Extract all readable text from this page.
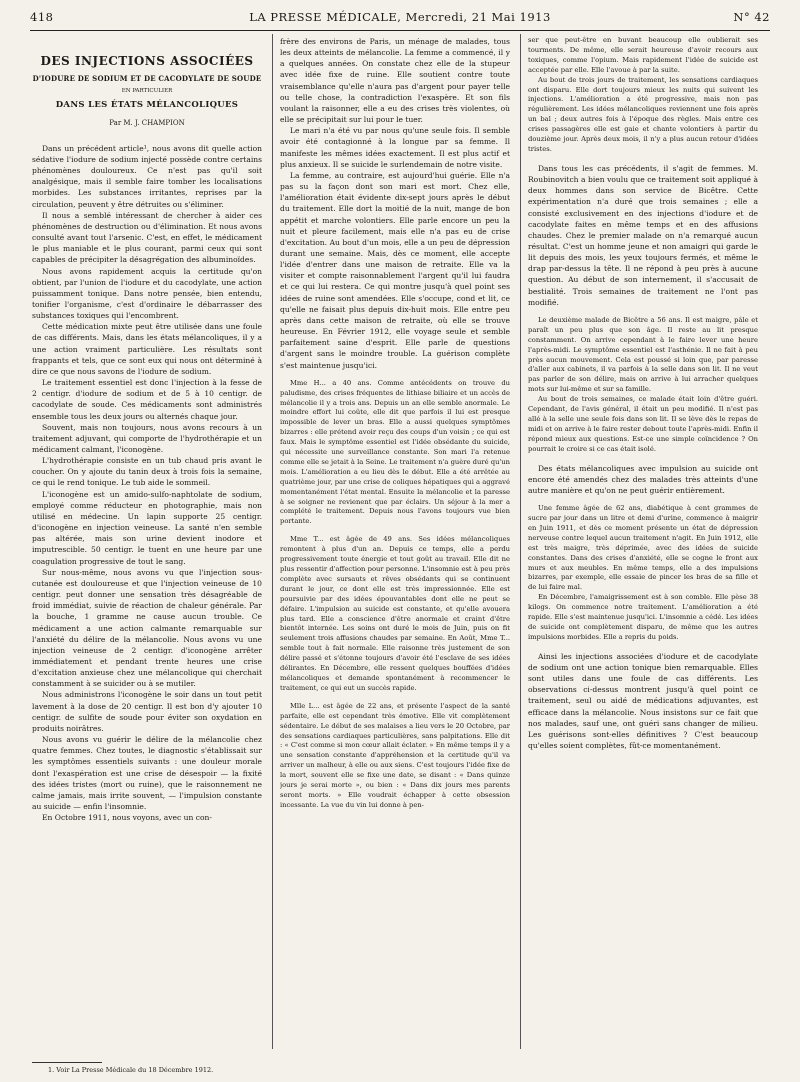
418	LA PRESSE MÉDICALE, Mercredi, 21 Mai 1913	N° 42
DES INJECTIONS ASSOCIÉES
D'IODURE DE SODIUM ET DE CACODYLATE DE SOUDE
EN PARTICULIER
DANS LES ÉTATS MÉLANCOLIQUES
Par M. J. CHAMPION

Dans un précédent article¹, nous avons dit quelle action sédative l'iodure de sodium injecté possède contre certains phénomènes douloureux. Ce n'est pas qu'il soit analgésique, mais il semble faire tomber les localisations morbides. Les substances irritantes, reprises par la circulation, peuvent y être détruites ou s'éliminer.

Il nous a semblé intéressant de chercher à aider ces phénomènes de destruction ou d'élimination. Et nous avons consulté avant tout l'arsenic. C'est, en effet, le médicament le plus maniable et le plus courant, parmi ceux qui sont capables de précipiter la désagrégation des albuminoïdes.

Nous avons rapidement acquis la certitude qu'on obtient, par l'union de l'iodure et du cacodylate, une action puissamment tonique. Dans notre pensée, bien entendu, tonifier l'organisme, c'est d'ordinaire le débarrasser des substances toxiques qui l'encombrent.

Cette médication mixte peut être utilisée dans une foule de cas différents. Mais, dans les états mélancoliques, il y a une action vraiment particulière. Les résultats sont frappants et tels, que ce sont eux qui nous ont déterminé à dire ce que nous savons de l'iodure de sodium.

Le traitement essentiel est donc l'injection à la fesse de 2 centigr. d'iodure de sodium et de 5 à 10 centigr. de cacodylate de soude. Ces médicaments sont administrés ensemble tous les deux jours ou alternés chaque jour.

Souvent, mais non toujours, nous avons recours à un traitement adjuvant, qui comporte de l'hydrothérapie et un médicament calmant, l'iconogène.

L'hydrothérapie consiste en un tub chaud pris avant le coucher. On y ajoute du tanin deux à trois fois la semaine, ce qui le rend tonique. Le tub aide le sommeil.

L'iconogène est un amido-sulfo-naphtolate de sodium, employé comme réducteur en photographie, mais non utilisé en médecine. Un lapin supporte 25 centigr. d'iconogène en injection veineuse. La santé n'en semble pas altérée, mais son urine devient inodore et imputrescible. 50 centigr. le tuent en une heure par une coagulation progressive de tout le sang.

Sur nous-même, nous avons vu que l'injection sous-cutanée est douloureuse et que l'injection veineuse de 10 centigr. peut donner une sensation très désagréable de froid immédiat, suivie de réaction de chaleur générale. Par la bouche, 1 gramme ne cause aucun trouble. Ce médicament a une action calmante remarquable sur l'anxiété du délire de la mélancolie. Nous avons vu une injection veineuse de 2 centigr. d'iconogène arrêter immédiatement et pendant trente heures une crise d'excitation anxieuse chez une mélancolique qui cherchait constamment à se suicider ou à se mutiler.

Nous administrons l'iconogène le soir dans un tout petit lavement à la dose de 20 centigr. Il est bon d'y ajouter 10 centigr. de sulfite de soude pour éviter son oxydation en produits noirâtres.

Nous avons vu guérir le délire de la mélancolie chez quatre femmes. Chez toutes, le diagnostic s'établissait sur les symptômes essentiels suivants : une douleur morale dont l'exaspération est une crise de désespoir — la fixité des idées tristes (mort ou ruine), que le raisonnement ne calme jamais, mais irrite souvent, — l'impulsion constante au suicide — enfin l'insomnie.

En Octobre 1911, nous voyons, avec un con-

frère des environs de Paris, un ménage de malades, tous les deux atteints de mélancolie. La femme a commencé, il y a quelques années. On constate chez elle de la stupeur avec idée fixe de ruine. Elle soutient contre toute vraisemblance qu'elle n'aura pas d'argent pour payer telle ou telle chose, la contradiction l'exaspère. Et son fils voulant la raisonner, elle a eu des crises très violentes, où elle se précipitait sur lui pour le tuer.

Le mari n'a été vu par nous qu'une seule fois. Il semble avoir été contagionné à la longue par sa femme. Il manifeste les mêmes idées exactement. Il est plus actif et plus anxieux. Il se suicide le surlendemain de notre visite.

La femme, au contraire, est aujourd'hui guérie. Elle n'a pas su la façon dont son mari est mort. Chez elle, l'amélioration était évidente dix-sept jours après le début du traitement. Elle dort la moitié de la nuit, mange de bon appétit et marche volontiers. Elle parle encore un peu la nuit et pleure facilement, mais elle n'a pas eu de crise d'excitation. Au bout d'un mois, elle a un peu de dépression durant une semaine. Mais, dès ce moment, elle accepte l'idée d'entrer dans une maison de retraite. Elle va la visiter et compte raisonnablement l'argent qu'il lui faudra et ce qui lui restera. Ce qui montre jusqu'à quel point ses idées de ruine sont amendées. Elle s'occupe, cond et lit, ce qu'elle ne faisait plus depuis dix-huit mois. Elle entre peu après dans cette maison de retraite, où elle se trouve heureuse. En Février 1912, elle voyage seule et semble parfaitement saine d'esprit. Elle parle de questions d'argent sans le moindre trouble. La guérison complète s'est maintenue jusqu'ici.

Mme H... a 40 ans. Comme antécédents on trouve du paludisme, des crises fréquentes de lithiase biliaire et un accès de mélancolie il y a trois ans. Depuis un an elle semble anormale. Le moindre effort lui coûte, elle dit que parfois il lui est presque impossible de lever un bras. Elle a aussi quelques symptômes bizarres : elle prétend avoir reçu des coups d'un voisin ; ce qui est faux. Mais le symptôme essentiel est l'idée obsédante du suicide, qui nécessite une surveillance constante. Son mari l'a retenue comme elle se jetait à la Seine. Le traitement n'a guère duré qu'un mois. L'amélioration a eu lieu dès le début. Elle a été arrêtée au quatrième jour, par une crise de coliques hépatiques qui a aggravé momentanément l'état mental. Ensuite la mélancolie et la paresse à se soigner ne revienent que par éclairs. Un séjour à la mer a complété le traitement. Depuis nous l'avons toujours vue bien portante.

Mme T... est âgée de 49 ans. Ses idées mélancoliques remontent à plus d'un an. Depuis ce temps, elle a perdu progressivement toute énergie et tout goût au travail. Elle dit ne plus ressentir d'affection pour personne. L'insomnie est à peu près complète avec sursauts et rêves obsédants qui se continuent durant le jour, ce dont elle est très impressionnée. Elle est poursuivie par des idées épouvantables dont elle ne peut se défaire. L'impulsion au suicide est constante, et qu'elle avouera plus tard. Elle a conscience d'être anormale et craint d'être bientôt internée. Les soins ont duré le mois de Juin, puis on fit seulement trois affusions chaudes par semaine. En Août, Mme T... semble tout à fait normale. Elle raisonne très justement de son délire passé et s'étonne toujours d'avoir été l'esclave de ses idées délirantes. En Décembre, elle ressent quelques bouffées d'idées mélancoliques et demande spontanément à recommencer le traitement, ce qui eut un succès rapide.

Mlle L... est âgée de 22 ans, et présente l'aspect de la santé parfaite, elle est cependant très émotive. Elle vit complètement sédentaire. Le début de ses malaises a lieu vers le 20 Octobre, par des sensations cardiaques particulières, sans palpitations. Elle dit : « C'est comme si mon cœur allait éclater. » En même temps il y a une sensation constante d'appréhension et la certitude qu'il va arriver un malheur, à elle ou aux siens. C'est toujours l'idée fixe de la mort, souvent elle se fixe une date, se disant : « Dans quinze jours je serai morte », ou bien : « Dans dix jours mes parents seront morts. » Elle voudrait échapper à cette obsession incessante. La vue du vin lui donne à pen-

ser que peut-être en buvant beaucoup elle oublierait ses tourments. De même, elle serait heureuse d'avoir recours aux toxiques, comme l'opium. Mais rapidement l'idée de suicide est acceptée par elle. Elle l'avoue à par la suite.

Au bout de trois jours de traitement, les sensations cardiaques ont disparu. Elle dort toujours mieux les nuits qui suivent les injections. L'amélioration a été progressive, mais non pas régulièrement. Les idées mélancoliques reviennent une fois après un bal ; deux autres fois à l'époque des règles. Mais entre ces crises passagères elle est gaie et chante volontiers à partir du douzième jour. Après deux mois, il n'y a plus aucun retour d'idées tristes.

Dans tous les cas précédents, il s'agit de femmes. M. Roubinovitch a bien voulu que ce traitement soit appliqué à deux hommes dans son service de Bicêtre. Cette expérimentation n'a duré que trois semaines ; elle a consisté exclusivement en des injections d'iodure et de cacodylate faites en même temps et en des affusions chaudes. Chez le premier malade on n'a remarqué aucun résultat. C'est un homme jeune et non amaigri qui garde le lit depuis des mois, les yeux toujours fermés, et même le drap par-dessus la tête. Il ne répond à peu près à aucune question. Au début de son internement, il s'accusait de bestialité. Trois semaines de traitement ne l'ont pas modifié.

Le deuxième malade de Bicêtre a 56 ans. Il est maigre, pâle et paraît un peu plus que son âge. Il reste au lit presque constamment. On arrive cependant à le faire lever une heure l'après-midi. Le symptôme essentiel est l'asthénie. Il ne fait à peu près aucun mouvement. Cela est poussé si loin que, par paresse d'aller aux cabinets, il va parfois à la selle dans son lit. Il ne veut pas parler de son délire, mais on arrive à lui arracher quelques mots sur lui-même et sur sa famille.

Au bout de trois semaines, ce malade était loin d'être guéri. Cependant, de l'avis général, il était un peu modifié. Il n'est pas allé à la selle une seule fois dans son lit. Il se lève dès le repas de midi et on arrive à le faire rester debout toute l'après-midi. Enfin il répond mieux aux questions. Est-ce une simple coïncidence ? On pourrait le croire si ce cas était isolé.

Des états mélancoliques avec impulsion au suicide ont encore été amendés chez des malades très atteints d'une autre manière et qu'on ne peut guérir entièrement.

Une femme âgée de 62 ans, diabétique à cent grammes de sucre par jour dans un litre et demi d'urine, commence à maigrir en Juin 1911, et dès ce moment présente un état de dépression nerveuse contre lequel aucun traitement n'agit. En Juin 1912, elle est très maigre, très déprimée, avec des idées de suicide constantes. Dans des crises d'anxiété, elle se cogne le front aux murs et aux meubles. En même temps, elle a des impulsions bizarres, par exemple, elle essaie de pincer les bras de sa fille et de lui faire mal.

En Décembre, l'amaigrissement est à son comble. Elle pèse 38 kilogs. On commence notre traitement. L'amélioration a été rapide. Elle s'est maintenue jusqu'ici. L'insomnie a cédé. Les idées de suicide ont complètement disparu, de même que les autres impulsions morbides. Elle a repris du poids.

Ainsi les injections associées d'iodure et de cacodylate de sodium ont une action tonique bien remarquable. Elles sont utiles dans une foule de cas différents. Les observations ci-dessus montrent jusqu'à quel point ce traitement, seul ou aidé de médications adjuvantes, est efficace dans la mélancolie. Nous insistons sur ce fait que nos malades, sauf une, ont guéri sans changer de milieu. Les guérisons sont-elles définitives ? C'est beaucoup qu'elles soient complètes, fût-ce momentanément.

1. Voir La Presse Médicale du 18 Décembre 1912.
